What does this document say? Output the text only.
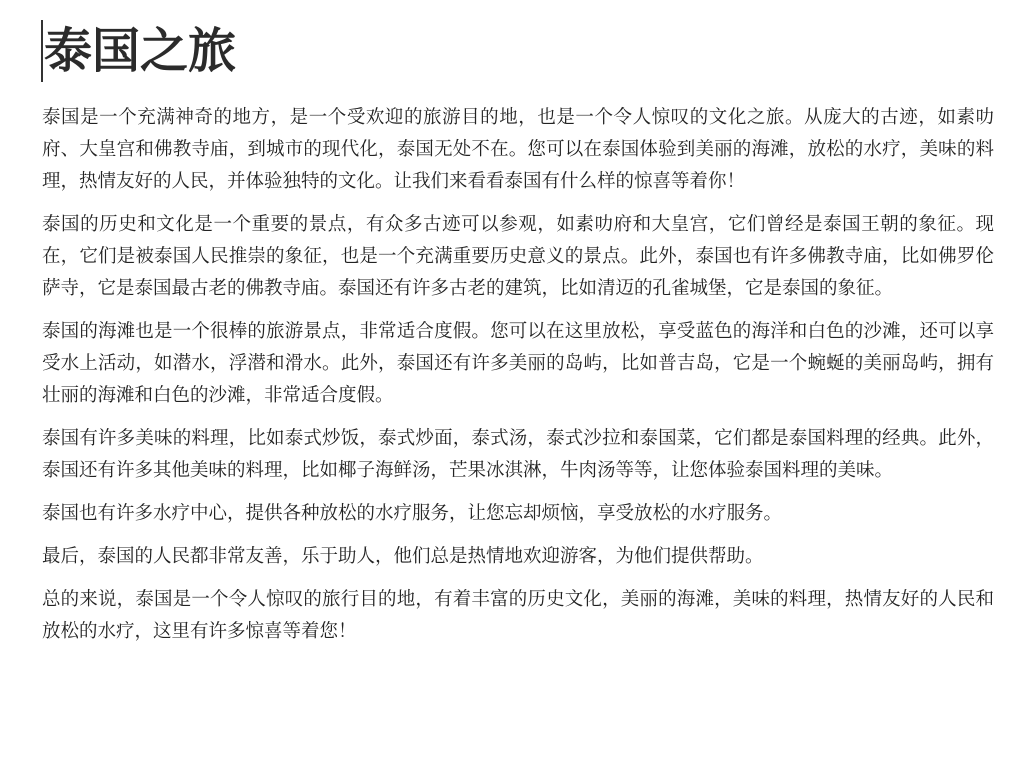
泰国之旅

泰国是一个充满神奇的地方，是一个受欢迎的旅游目的地，也是一个令人惊叹的文化之旅。从庞大的古迹，如素叻府、大皇宫和佛教寺庙，到城市的现代化，泰国无处不在。您可以在泰国体验到美丽的海滩，放松的水疗，美味的料理，热情友好的人民，并体验独特的文化。让我们来看看泰国有什么样的惊喜等着你！

泰国的历史和文化是一个重要的景点，有众多古迹可以参观，如素叻府和大皇宫，它们曾经是泰国王朝的象征。现在，它们是被泰国人民推崇的象征，也是一个充满重要历史意义的景点。此外，泰国也有许多佛教寺庙，比如佛罗伦萨寺，它是泰国最古老的佛教寺庙。泰国还有许多古老的建筑，比如清迈的孔雀城堡，它是泰国的象征。

泰国的海滩也是一个很棒的旅游景点，非常适合度假。您可以在这里放松，享受蓝色的海洋和白色的沙滩，还可以享受水上活动，如潜水，浮潜和滑水。此外，泰国还有许多美丽的岛屿，比如普吉岛，它是一个蜿蜒的美丽岛屿，拥有壮丽的海滩和白色的沙滩，非常适合度假。

泰国有许多美味的料理，比如泰式炒饭，泰式炒面，泰式汤，泰式沙拉和泰国菜，它们都是泰国料理的经典。此外，泰国还有许多其他美味的料理，比如椰子海鲜汤，芒果冰淇淋，牛肉汤等等，让您体验泰国料理的美味。

泰国也有许多水疗中心，提供各种放松的水疗服务，让您忘却烦恼，享受放松的水疗服务。

最后，泰国的人民都非常友善，乐于助人，他们总是热情地欢迎游客，为他们提供帮助。

总的来说，泰国是一个令人惊叹的旅行目的地，有着丰富的历史文化，美丽的海滩，美味的料理，热情友好的人民和放松的水疗，这里有许多惊喜等着您！
